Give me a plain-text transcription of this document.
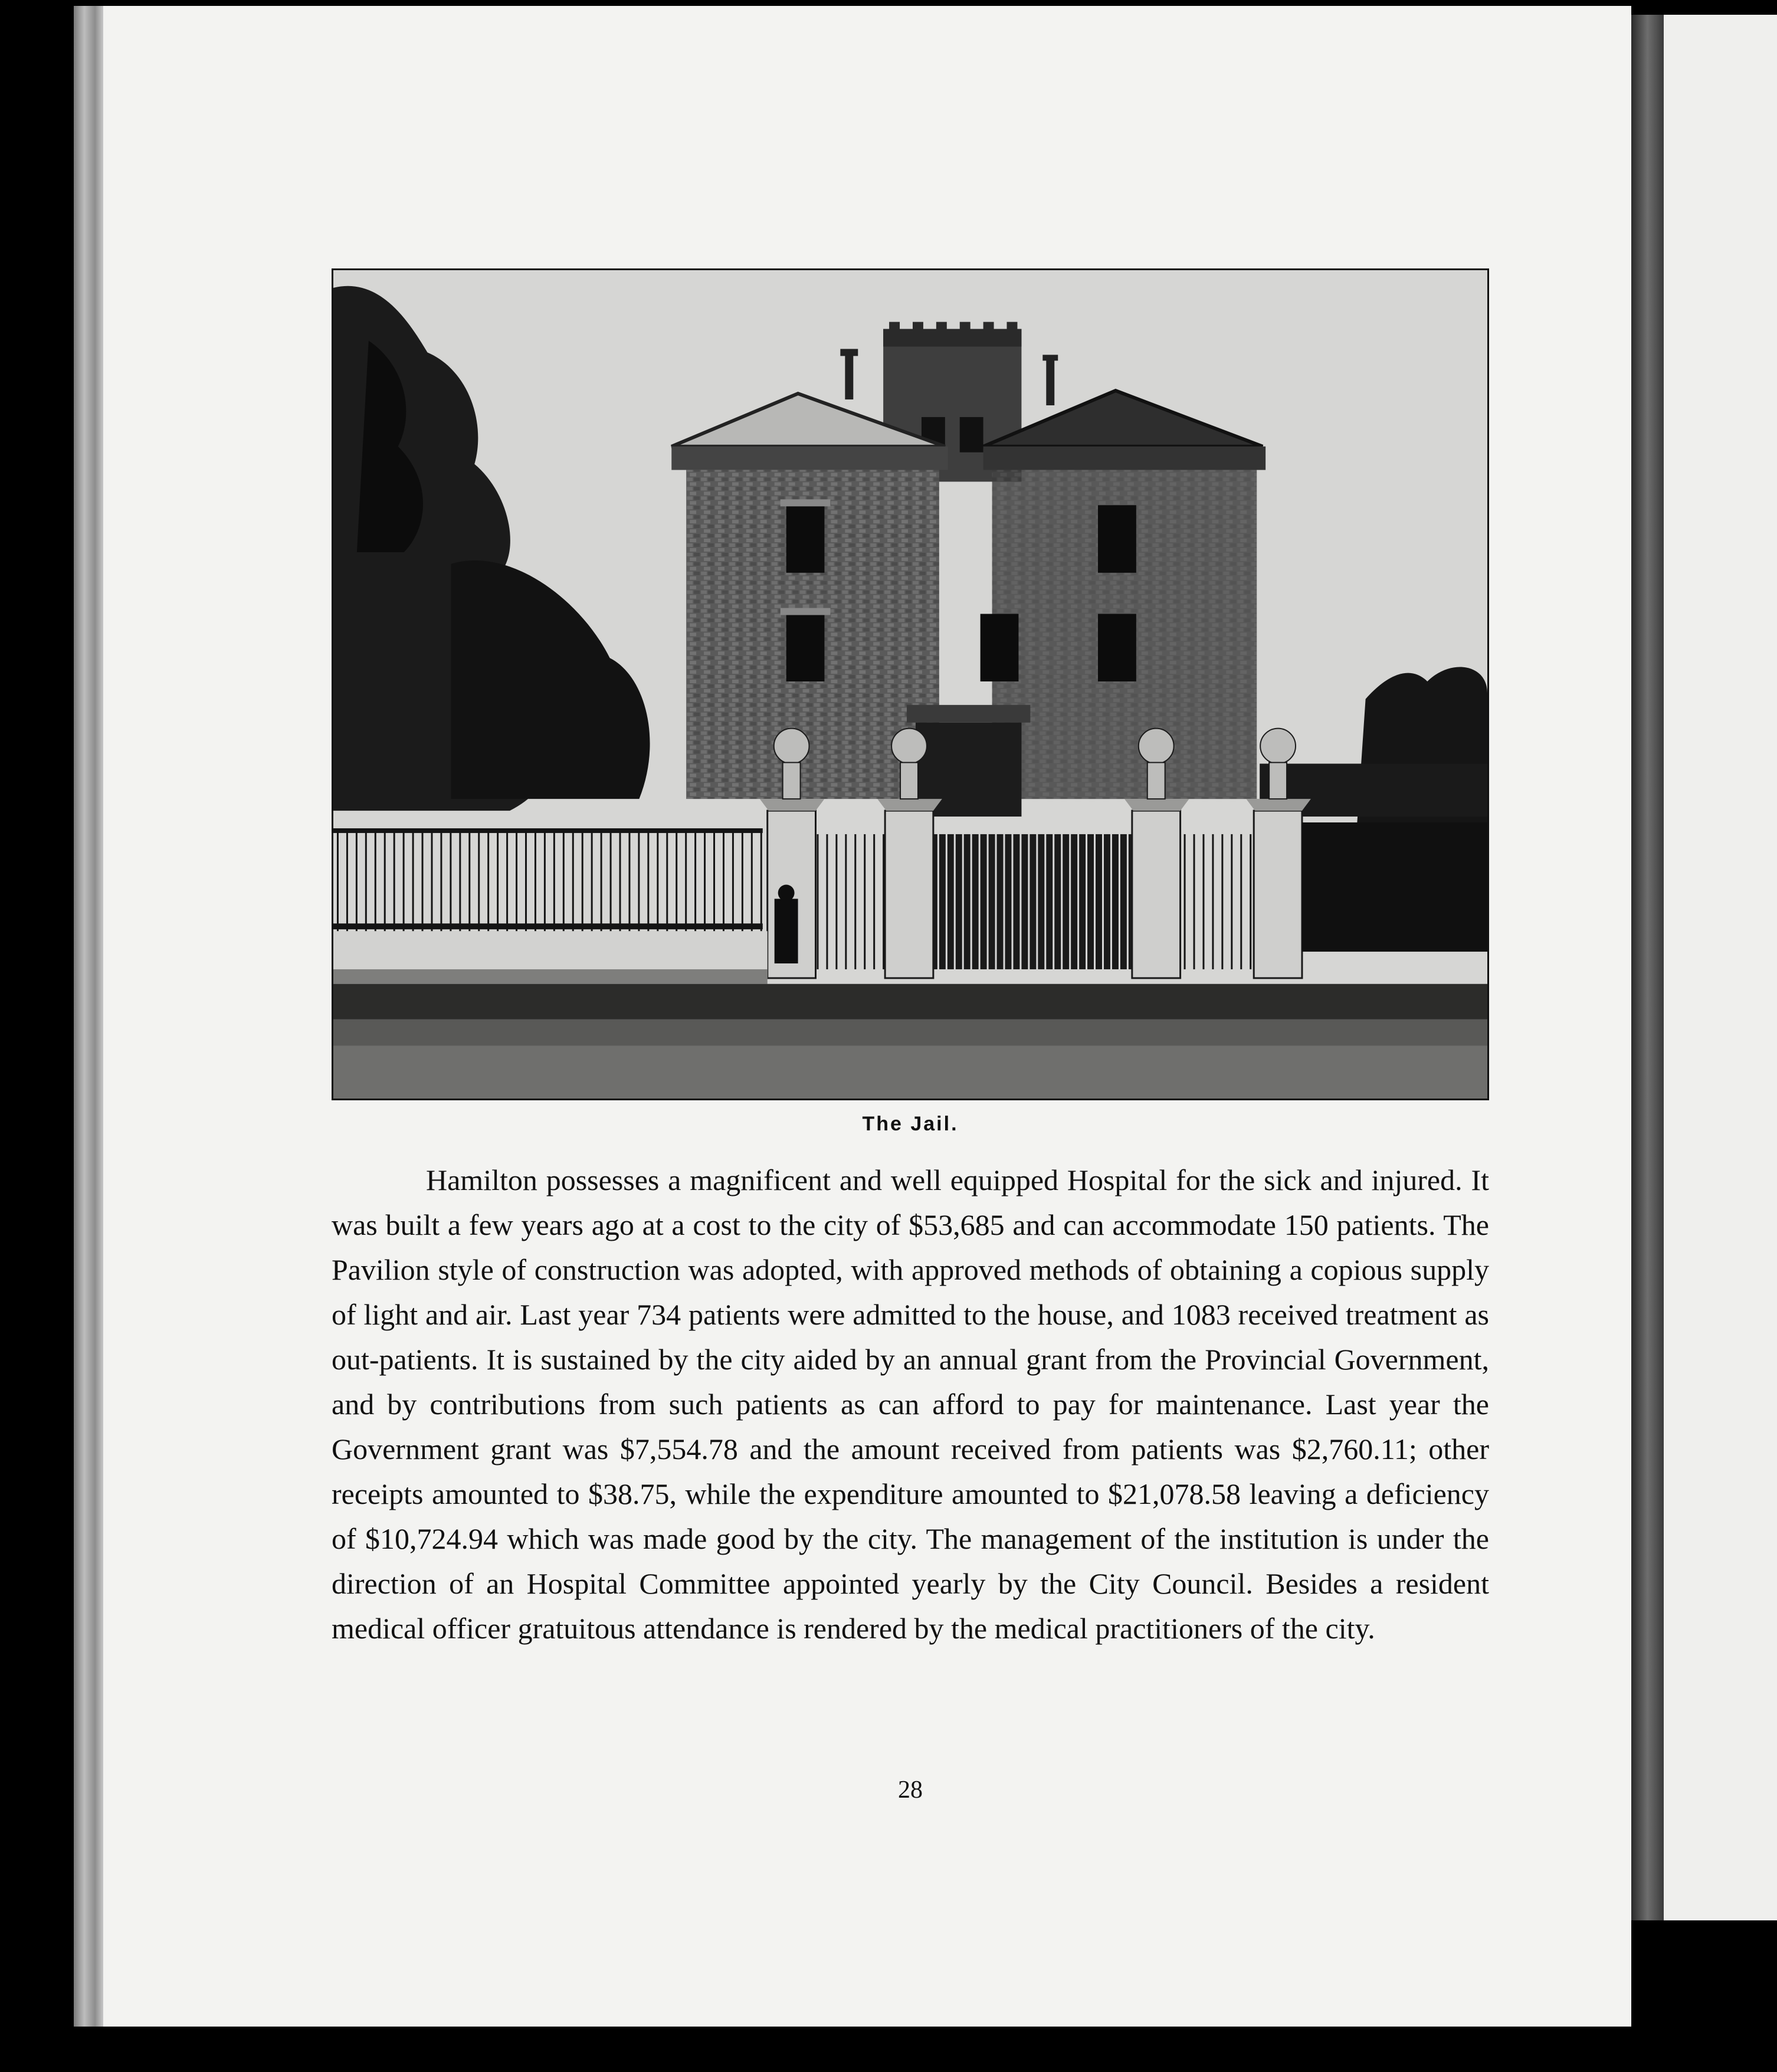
The Jail.

Hamilton possesses a magnificent and well equipped Hospital for the sick and injured. It was built a few years ago at a cost to the city of $53,685 and can accommodate 150 patients. The Pavilion style of construction was adopted, with approved methods of obtaining a copious supply of light and air. Last year 734 patients were admitted to the house, and 1083 received treatment as out-patients. It is sustained by the city aided by an annual grant from the Provincial Government, and by contributions from such patients as can afford to pay for maintenance. Last year the Government grant was $7,554.78 and the amount received from patients was $2,760.11; other receipts amounted to $38.75, while the expenditure amounted to $21,078.58 leaving a deficiency of $10,724.94 which was made good by the city. The management of the institution is under the direction of an Hospital Committee appointed yearly by the City Council. Besides a resident medical officer gratuitous attendance is rendered by the medical practitioners of the city.

28
